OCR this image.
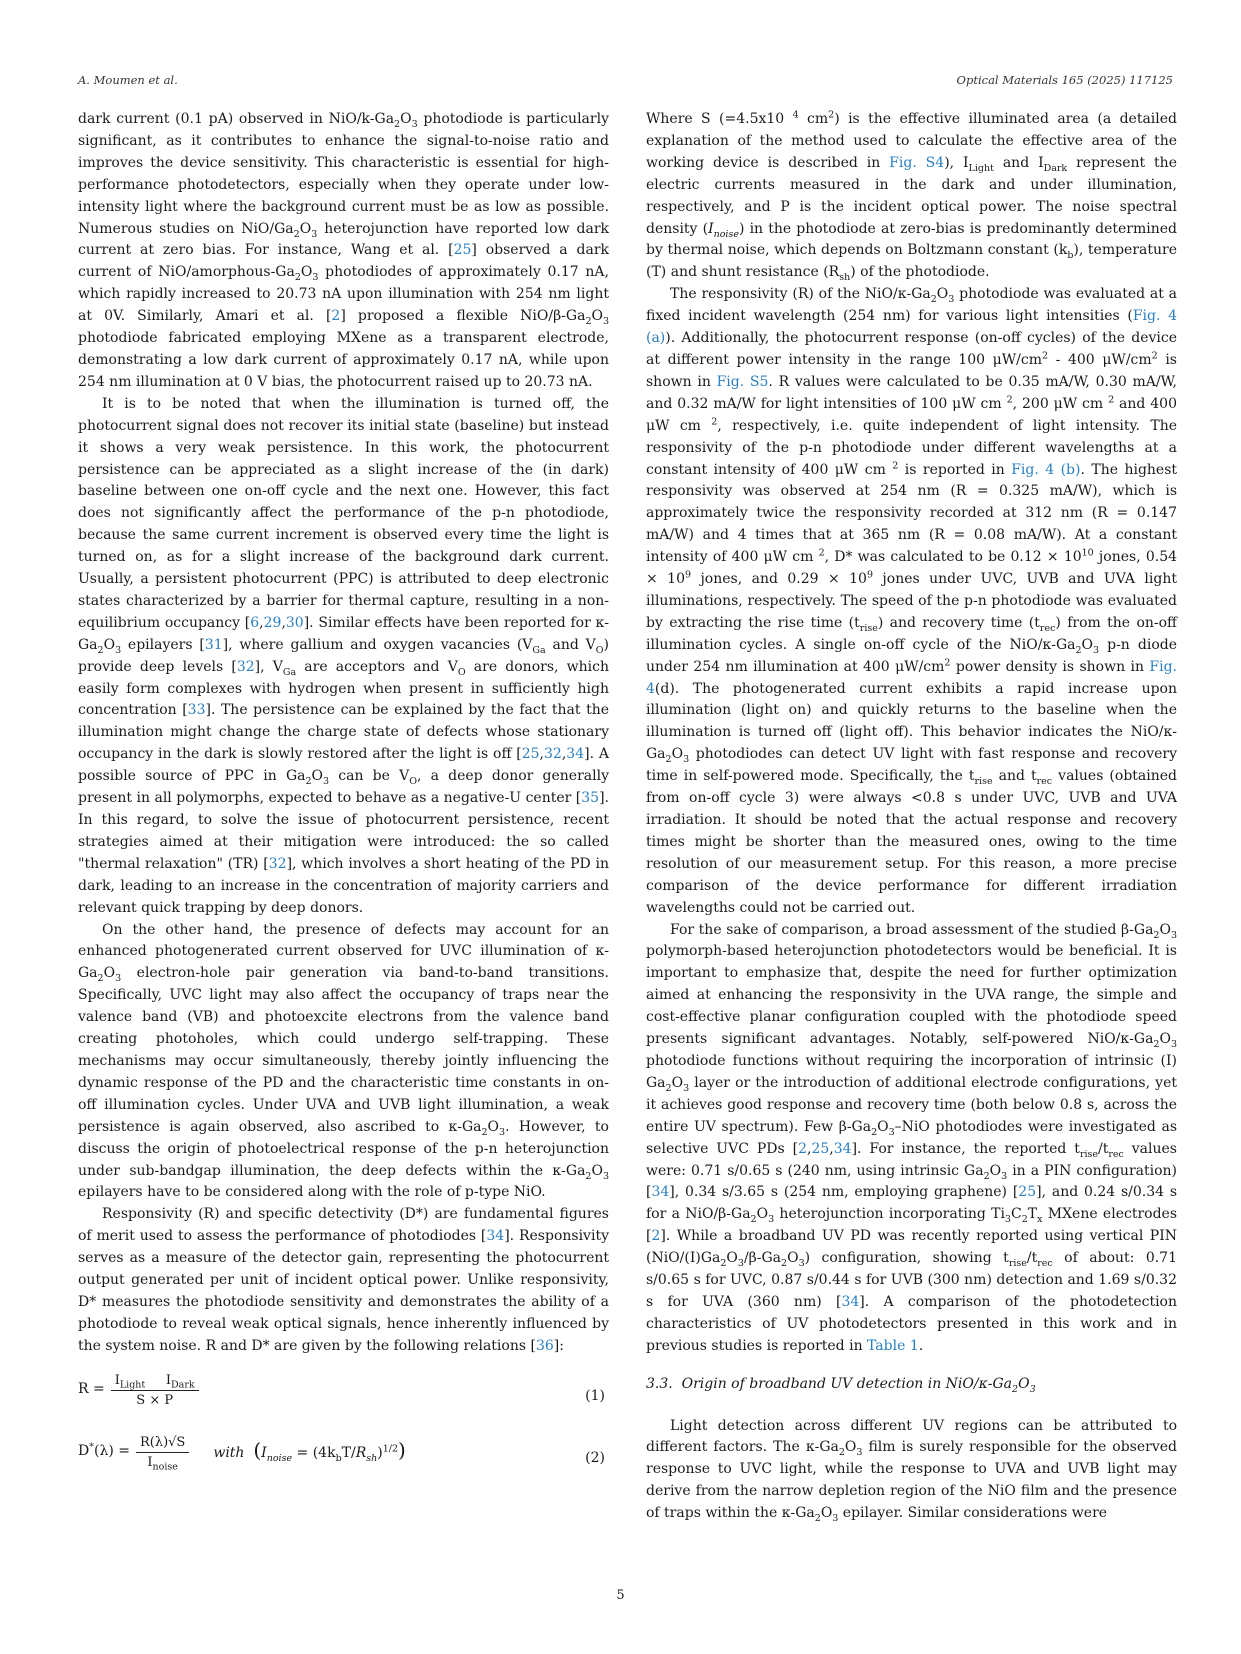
A. Moumen et al.	Optical Materials 165 (2025) 117125

dark current (0.1 pA) observed in NiO/$k-Ga_2O_3$ photodiode is particularly significant, as it contributes to enhance the signal-to-noise ratio and improves the device sensitivity. This characteristic is essential for high-performance photodetectors, especially when they operate under low-intensity light where the background current must be as low as possible. Numerous studies on NiO/$Ga_2O_3$ heterojunction have reported low dark current at zero bias. For instance, Wang et al. [25] observed a dark current of NiO/$amorphous-Ga_2O_3$ photodiodes of approximately 0.17 nA, which rapidly increased to 20.73 nA upon illumination with 254 nm light at 0V. Similarly, Amari et al. [2] proposed a flexible NiO/$\beta-Ga_2O_3$ photodiode fabricated employing MXene as a transparent electrode, demonstrating a low dark current of approximately 0.17 nA, while upon 254 nm illumination at 0 V bias, the photocurrent raised up to 20.73 nA.

It is to be noted that when the illumination is turned off, the photocurrent signal does not recover its initial state (baseline) but instead it shows a very weak persistence. In this work, the photocurrent persistence can be appreciated as a slight increase of the (in dark) baseline between one on-off cycle and the next one. However, this fact does not significantly affect the performance of the p-n photodiode, because the same current increment is observed every time the light is turned on, as for a slight increase of the background dark current. Usually, a persistent photocurrent (PPC) is attributed to deep electronic states characterized by a barrier for thermal capture, resulting in a non-equilibrium occupancy [6,29,30]. Similar effects have been reported for $\kappa-Ga_2O_3$ epilayers [31], where gallium and oxygen vacancies ($V_{Ga}$ and $V_O$) provide deep levels [32], $V_{Ga}$ are acceptors and $V_O$ are donors, which easily form complexes with hydrogen when present in sufficiently high concentration [33]. The persistence can be explained by the fact that the illumination might change the charge state of defects whose stationary occupancy in the dark is slowly restored after the light is off [25,32,34]. A possible source of PPC in $Ga_2O_3$ can be $V_O$, a deep donor generally present in all polymorphs, expected to behave as a negative-U center [35]. In this regard, to solve the issue of photocurrent persistence, recent strategies aimed at their mitigation were introduced: the so called "thermal relaxation" (TR) [32], which involves a short heating of the PD in dark, leading to an increase in the concentration of majority carriers and relevant quick trapping by deep donors.

On the other hand, the presence of defects may account for an enhanced photogenerated current observed for UVC illumination of $\kappa-Ga_2O_3$ electron-hole pair generation via band-to-band transitions. Specifically, UVC light may also affect the occupancy of traps near the valence band (VB) and photoexcite electrons from the valence band creating photoholes, which could undergo self-trapping. These mechanisms may occur simultaneously, thereby jointly influencing the dynamic response of the PD and the characteristic time constants in on-off illumination cycles. Under UVA and UVB light illumination, a weak persistence is again observed, also ascribed to $\kappa-Ga_2O_3$. However, to discuss the origin of photoelectrical response of the p-n heterojunction under sub-bandgap illumination, the deep defects within the $\kappa-Ga_2O_3$ epilayers have to be considered along with the role of p-type NiO.

Responsivity (R) and specific detectivity (D*) are fundamental figures of merit used to assess the performance of photodiodes [34]. Responsivity serves as a measure of the detector gain, representing the photocurrent output generated per unit of incident optical power. Unlike responsivity, D* measures the photodiode sensitivity and demonstrates the ability of a photodiode to reveal weak optical signals, hence inherently influenced by the system noise. R and D* are given by the following relations [36]:

$R = \frac{I_{Light} I_{Dark}}{S \times P}$	(1)
$D^*(\lambda) = \frac{R(\lambda)√S}{I_{noise}}$ with $(I_{noise} = (4k_bT/R_{sh})^{1/2})$	(2)

Where S (=4.5x10 $^4$ $cm^2$) is the effective illuminated area (a detailed explanation of the method used to calculate the effective area of the working device is described in Fig. S4), $I_{Light}$ and $I_{Dark}$ represent the electric currents measured in the dark and under illumination, respectively, and P is the incident optical power. The noise spectral density $(I_{noise})$ in the photodiode at zero-bias is predominantly determined by thermal noise, which depends on Boltzmann constant $(k_b)$, temperature (T) and shunt resistance $(R_{sh})$ of the photodiode.

The responsivity (R) of the NiO/$\kappa-Ga_2O_3$ photodiode was evaluated at a fixed incident wavelength (254 nm) for various light intensities (Fig. 4 (a)). Additionally, the photocurrent response (on-off cycles) of the device at different power intensity in the range 100 $\mu W/cm^2 - 400$ $\mu W/cm^2$ is shown in Fig. S5. R values were calculated to be 0.35 mA/W, 0.30 mA/W, and 0.32 mA/W for light intensities of 100 μW cm $^2$, 200 μW cm $^2$ and 400 μW cm $^2$, respectively, i.e. quite independent of light intensity. The responsivity of the p-n photodiode under different wavelengths at a constant intensity of 400 μW cm $^2$ is reported in Fig. 4 (b). The highest responsivity was observed at 254 nm (R = 0.325 mA/W), which is approximately twice the responsivity recorded at 312 nm (R = 0.147 mA/W) and 4 times that at 365 nm (R = 0.08 mA/W). At a constant intensity of 400 μW cm $^2$, D* was calculated to be $0.12 \times 10^{10}$ jones, $0.54 \times 10^9$ jones, and $0.29 \times 10^9$ jones under UVC, UVB and UVA light illuminations, respectively. The speed of the p-n photodiode was evaluated by extracting the rise time $(t_{rise})$ and recovery time $(t_{rec})$ from the on-off illumination cycles. A single on-off cycle of the NiO/$\kappa-Ga_2O_3$ p-n diode under 254 nm illumination at 400 $\mu W/cm^2$ power density is shown in Fig. 4(d). The photogenerated current exhibits a rapid increase upon illumination (light on) and quickly returns to the baseline when the illumination is turned off (light off). This behavior indicates the NiO/$\kappa-Ga_2O_3$ photodiodes can detect UV light with fast response and recovery time in self-powered mode. Specifically, the $t_{rise}$ and $t_{rec}$ values (obtained from on-off cycle 3) were always <0.8 s under UVC, UVB and UVA irradiation. It should be noted that the actual response and recovery times might be shorter than the measured ones, owing to the time resolution of our measurement setup. For this reason, a more precise comparison of the device performance for different irradiation wavelengths could not be carried out.

For the sake of comparison, a broad assessment of the studied $\beta-Ga_2O_3$ polymorph-based heterojunction photodetectors would be beneficial. It is important to emphasize that, despite the need for further optimization aimed at enhancing the responsivity in the UVA range, the simple and cost-effective planar configuration coupled with the photodiode speed presents significant advantages. Notably, self-powered NiO/$\kappa-Ga_2O_3$ photodiode functions without requiring the incorporation of intrinsic (I) $Ga_2O_3$ layer or the introduction of additional electrode configurations, yet it achieves good response and recovery time (both below 0.8 s, across the entire UV spectrum). Few $\beta-Ga_2O_3$–NiO photodiodes were investigated as selective UVC PDs [2,25,34]. For instance, the reported $t_{rise}/t_{rec}$ values were: 0.71 s/0.65 s (240 nm, using intrinsic $Ga_2O_3$ in a PIN configuration) [34], 0.34 s/3.65 s (254 nm, employing graphene) [25], and 0.24 s/0.34 s for a NiO/$\beta-Ga_2O_3$ heterojunction incorporating $Ti_3C_2T_x$ MXene electrodes [2]. While a broadband UV PD was recently reported using vertical PIN $(NiO/(I)Ga_2O_3/\beta-Ga_2O_3)$ configuration, showing $t_{rise}/t_{rec}$ of about: 0.71 s/0.65 s for UVC, 0.87 s/0.44 s for UVB (300 nm) detection and 1.69 s/0.32 s for UVA (360 nm) [34]. A comparison of the photodetection characteristics of UV photodetectors presented in this work and in previous studies is reported in Table 1.

3.3.  Origin of broadband UV detection in NiO/$\kappa-Ga_2O_3$

Light detection across different UV regions can be attributed to different factors. The $\kappa-Ga_2O_3$ film is surely responsible for the observed response to UVC light, while the response to UVA and UVB light may derive from the narrow depletion region of the NiO film and the presence of traps within the $\kappa-Ga_2O_3$ epilayer. Similar considerations were

5
